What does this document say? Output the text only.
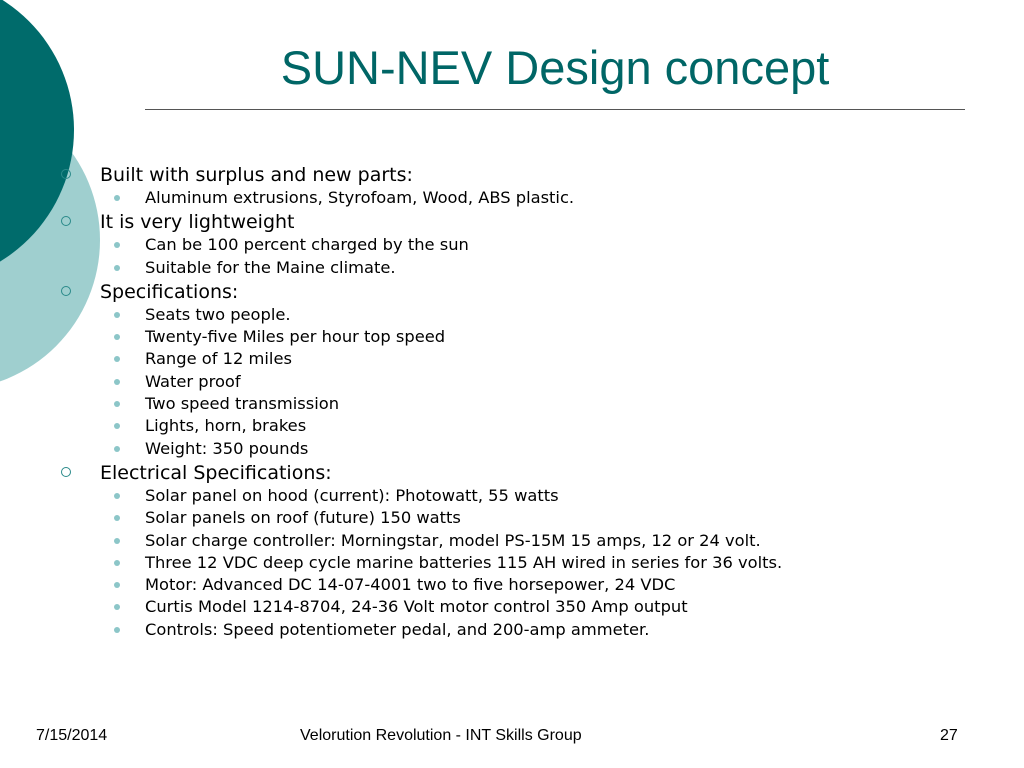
SUN-NEV Design concept
Built with surplus and new parts:
Aluminum extrusions, Styrofoam, Wood, ABS plastic.
It is very lightweight
Can be 100 percent charged by the sun
Suitable for the Maine climate.
Specifications:
Seats two people.
Twenty-five Miles per hour top speed
Range of 12 miles
Water proof
Two speed transmission
Lights, horn, brakes
Weight: 350 pounds
Electrical Specifications:
Solar panel on hood (current): Photowatt, 55 watts
Solar panels on roof (future) 150 watts
Solar charge controller: Morningstar, model PS-15M 15 amps, 12 or 24 volt.
Three 12 VDC deep cycle marine batteries 115 AH wired in series for 36 volts.
Motor: Advanced DC 14-07-4001 two to five horsepower, 24 VDC
Curtis Model 1214-8704, 24-36 Volt motor control 350 Amp output
Controls: Speed potentiometer pedal, and 200-amp ammeter.
7/15/2014	Velorution Revolution - INT Skills Group	27
